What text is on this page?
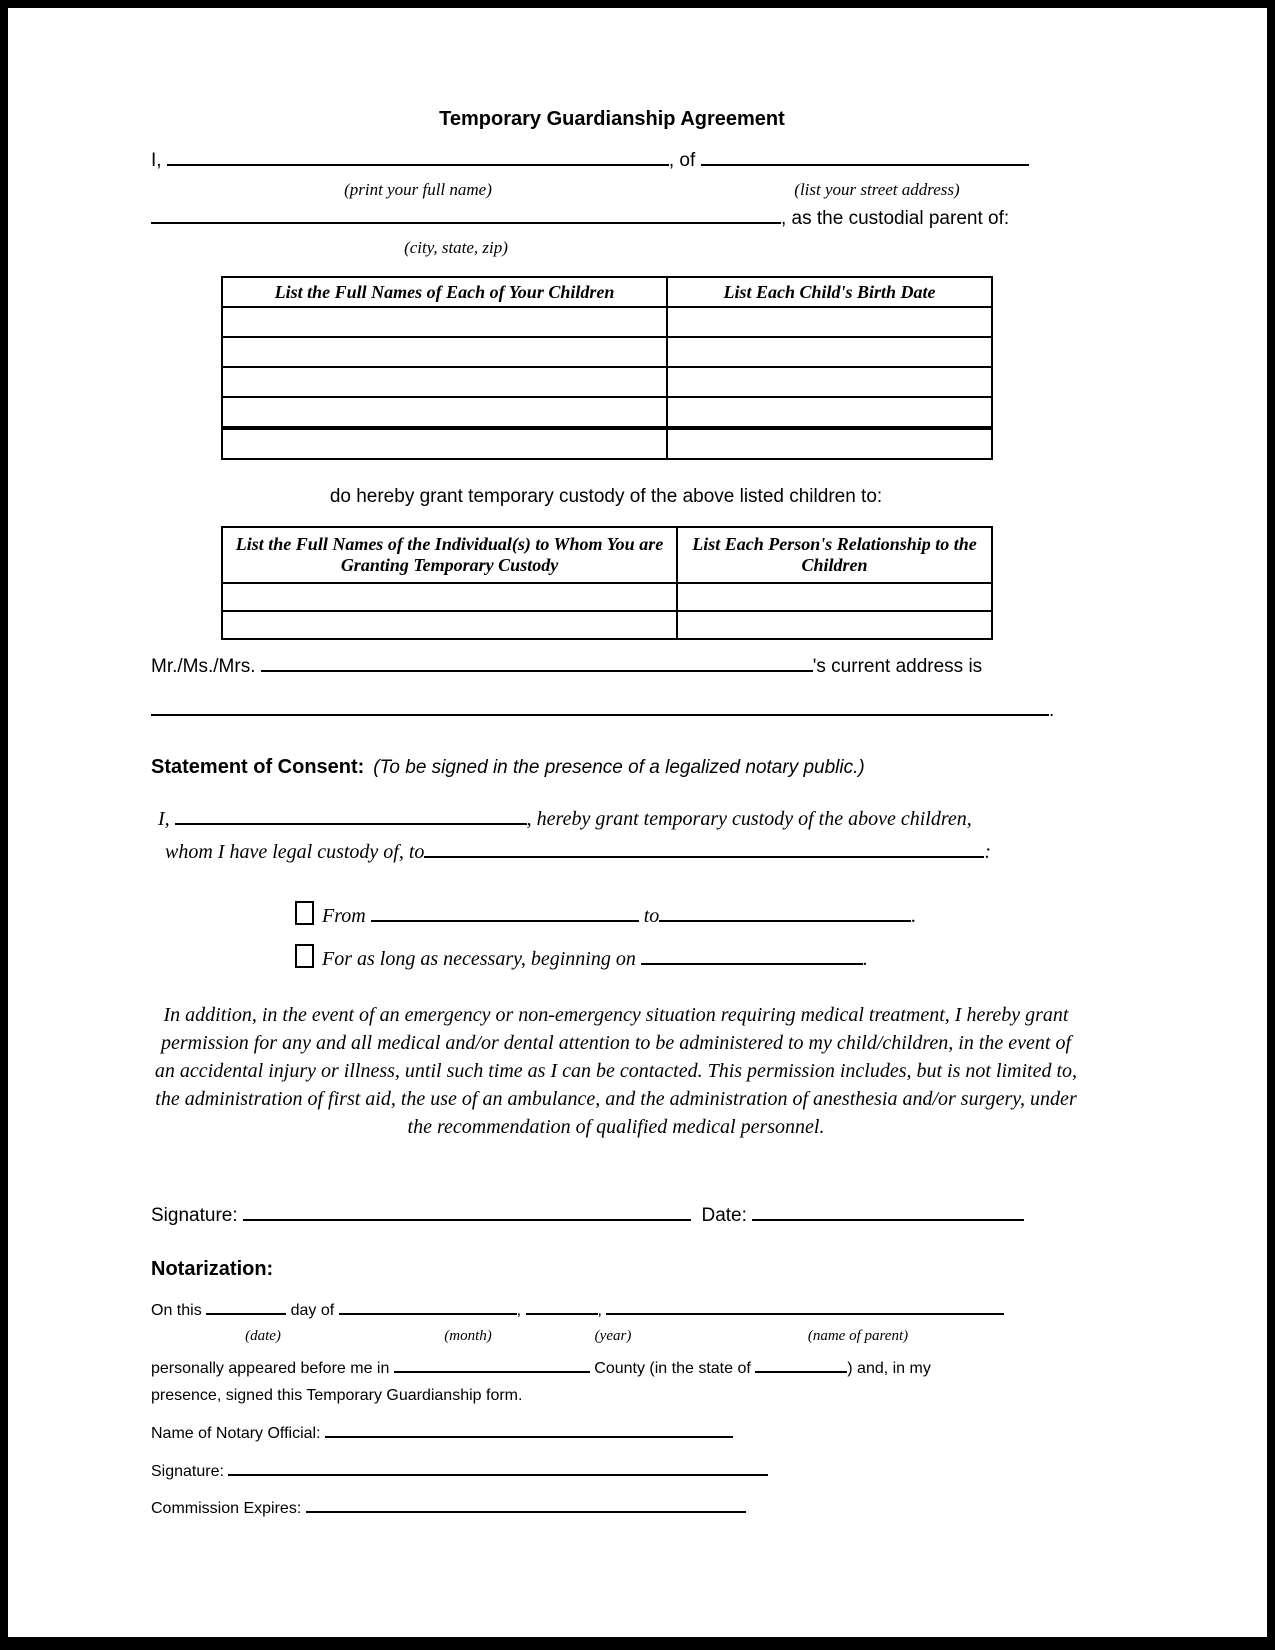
Temporary Guardianship Agreement
I,	, of
(print your full name)	(list your street address)
, as the custodial parent of:
(city, state, zip)
List the Full Names of Each of Your Children	List Each Child's Birth Date

do hereby grant temporary custody of the above listed children to:
List the Full Names of the Individual(s) to Whom You are Granting Temporary Custody	List Each Person's Relationship to the Children

Mr./Ms./Mrs.	's current address is
.
Statement of Consent: (To be signed in the presence of a legalized notary public.)
I,	, hereby grant temporary custody of the above children,
whom I have legal custody of, to	:
From	to	.
For as long as necessary, beginning on	.
In addition, in the event of an emergency or non-emergency situation requiring medical treatment, I hereby grant permission for any and all medical and/or dental attention to be administered to my child/children, in the event of an accidental injury or illness, until such time as I can be contacted. This permission includes, but is not limited to, the administration of first aid, the use of an ambulance, and the administration of anesthesia and/or surgery, under the recommendation of qualified medical personnel.
Signature:	Date:
Notarization:
On this	day of	,	,
(date)	(month)	(year)	(name of parent)
personally appeared before me in	County (in the state of	) and, in my
presence, signed this Temporary Guardianship form.
Name of Notary Official:
Signature:
Commission Expires:
